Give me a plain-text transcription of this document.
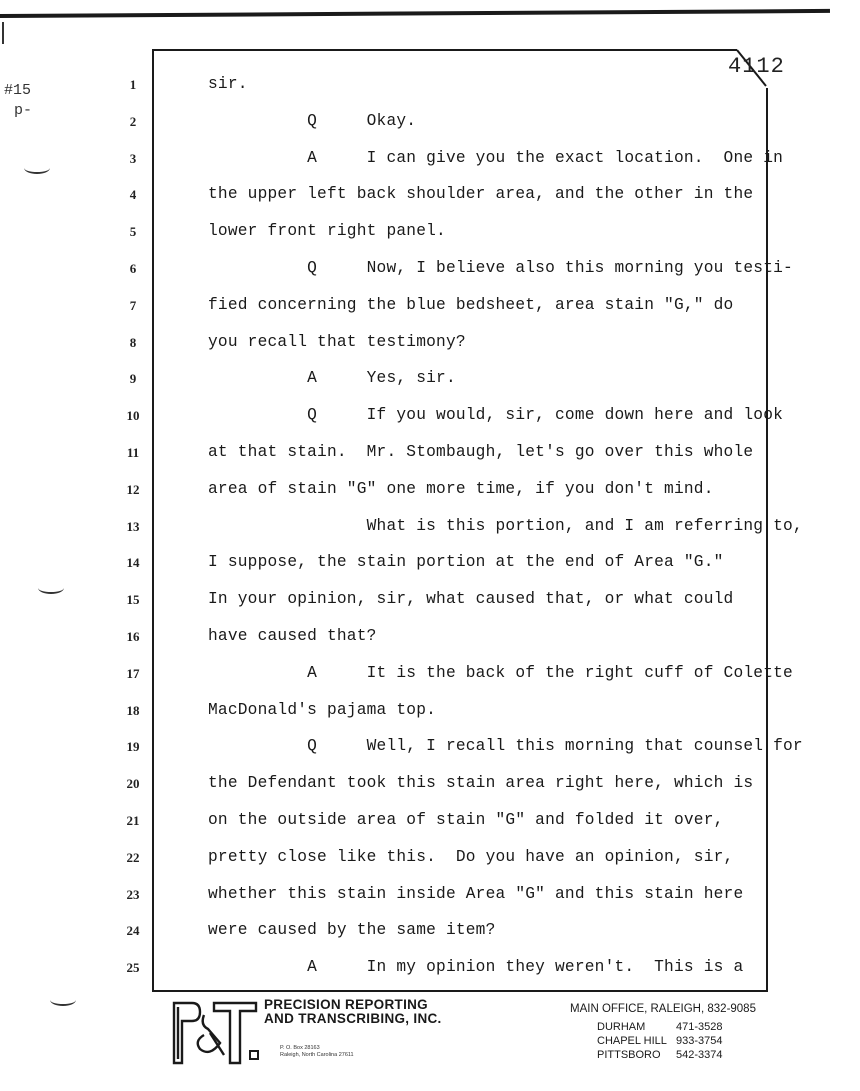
#15
p-
4112
1	sir.
2	Q     Okay.
3	A     I can give you the exact location.  One in
4	the upper left back shoulder area, and the other in the
5	lower front right panel.
6	Q     Now, I believe also this morning you testi-
7	fied concerning the blue bedsheet, area stain "G," do
8	you recall that testimony?
9	A     Yes, sir.
10	Q     If you would, sir, come down here and look
11	at that stain.  Mr. Stombaugh, let's go over this whole
12	area of stain "G" one more time, if you don't mind.
13	What is this portion, and I am referring to,
14	I suppose, the stain portion at the end of Area "G."
15	In your opinion, sir, what caused that, or what could
16	have caused that?
17	A     It is the back of the right cuff of Colette
18	MacDonald's pajama top.
19	Q     Well, I recall this morning that counsel for
20	the Defendant took this stain area right here, which is
21	on the outside area of stain "G" and folded it over,
22	pretty close like this.  Do you have an opinion, sir,
23	whether this stain inside Area "G" and this stain here
24	were caused by the same item?
25	A     In my opinion they weren't.  This is a
P&T	PRECISION REPORTING
AND TRANSCRIBING, INC.
P. O. Box 28163
Raleigh, North Carolina 27611
MAIN OFFICE, RALEIGH, 832-9085
DURHAM	471-3528
CHAPEL HILL 933-3754
PITTSBORO 542-3374
